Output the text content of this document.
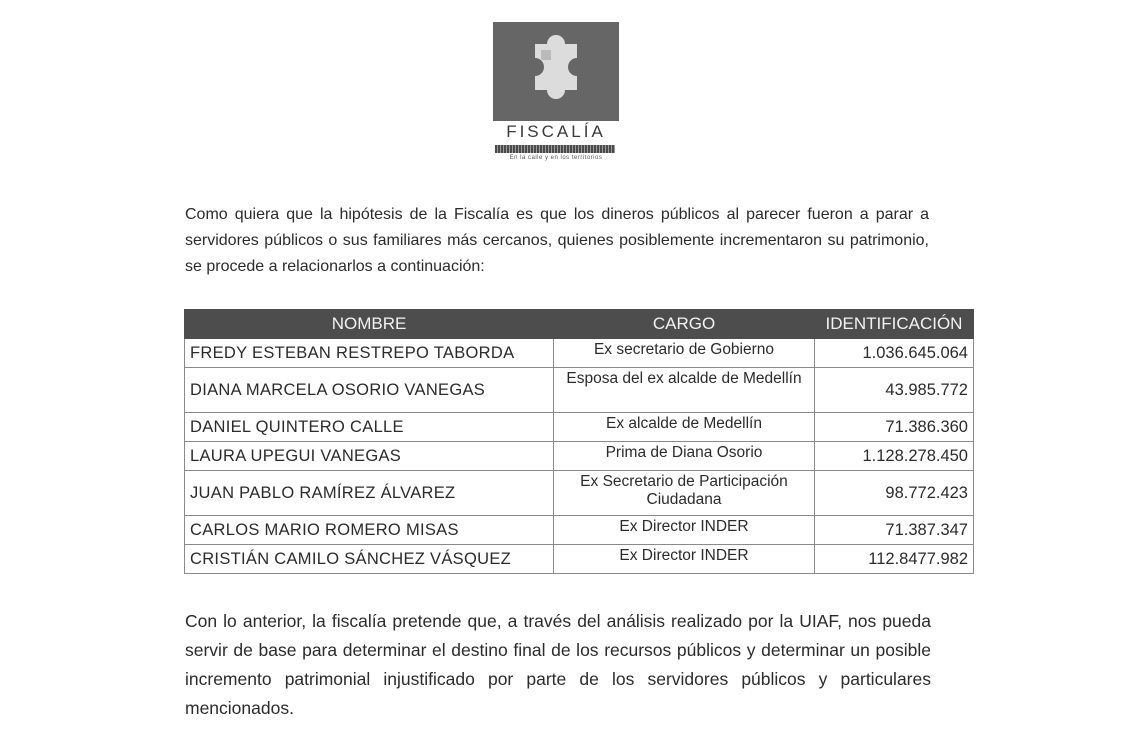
FISCALÍA
En la calle y en los territorios
Como quiera que la hipótesis de la Fiscalía es que los dineros públicos al parecer fueron a parar a servidores públicos o sus familiares más cercanos, quienes posiblemente incrementaron su patrimonio, se procede a relacionarlos a continuación:
NOMBRE	CARGO	IDENTIFICACIÓN
FREDY ESTEBAN RESTREPO TABORDA	Ex secretario de Gobierno	1.036.645.064
DIANA MARCELA OSORIO VANEGAS	Esposa del ex alcalde de Medellín	43.985.772
DANIEL QUINTERO CALLE	Ex alcalde de Medellín	71.386.360
LAURA UPEGUI VANEGAS	Prima de Diana Osorio	1.128.278.450
JUAN PABLO RAMÍREZ ÁLVAREZ	Ex Secretario de Participación Ciudadana	98.772.423
CARLOS MARIO ROMERO MISAS	Ex Director INDER	71.387.347
CRISTIÁN CAMILO SÁNCHEZ VÁSQUEZ	Ex Director INDER	112.8477.982
Con lo anterior, la fiscalía pretende que, a través del análisis realizado por la UIAF, nos pueda servir de base para determinar el destino final de los recursos públicos y determinar un posible incremento patrimonial injustificado por parte de los servidores públicos y particulares mencionados.
